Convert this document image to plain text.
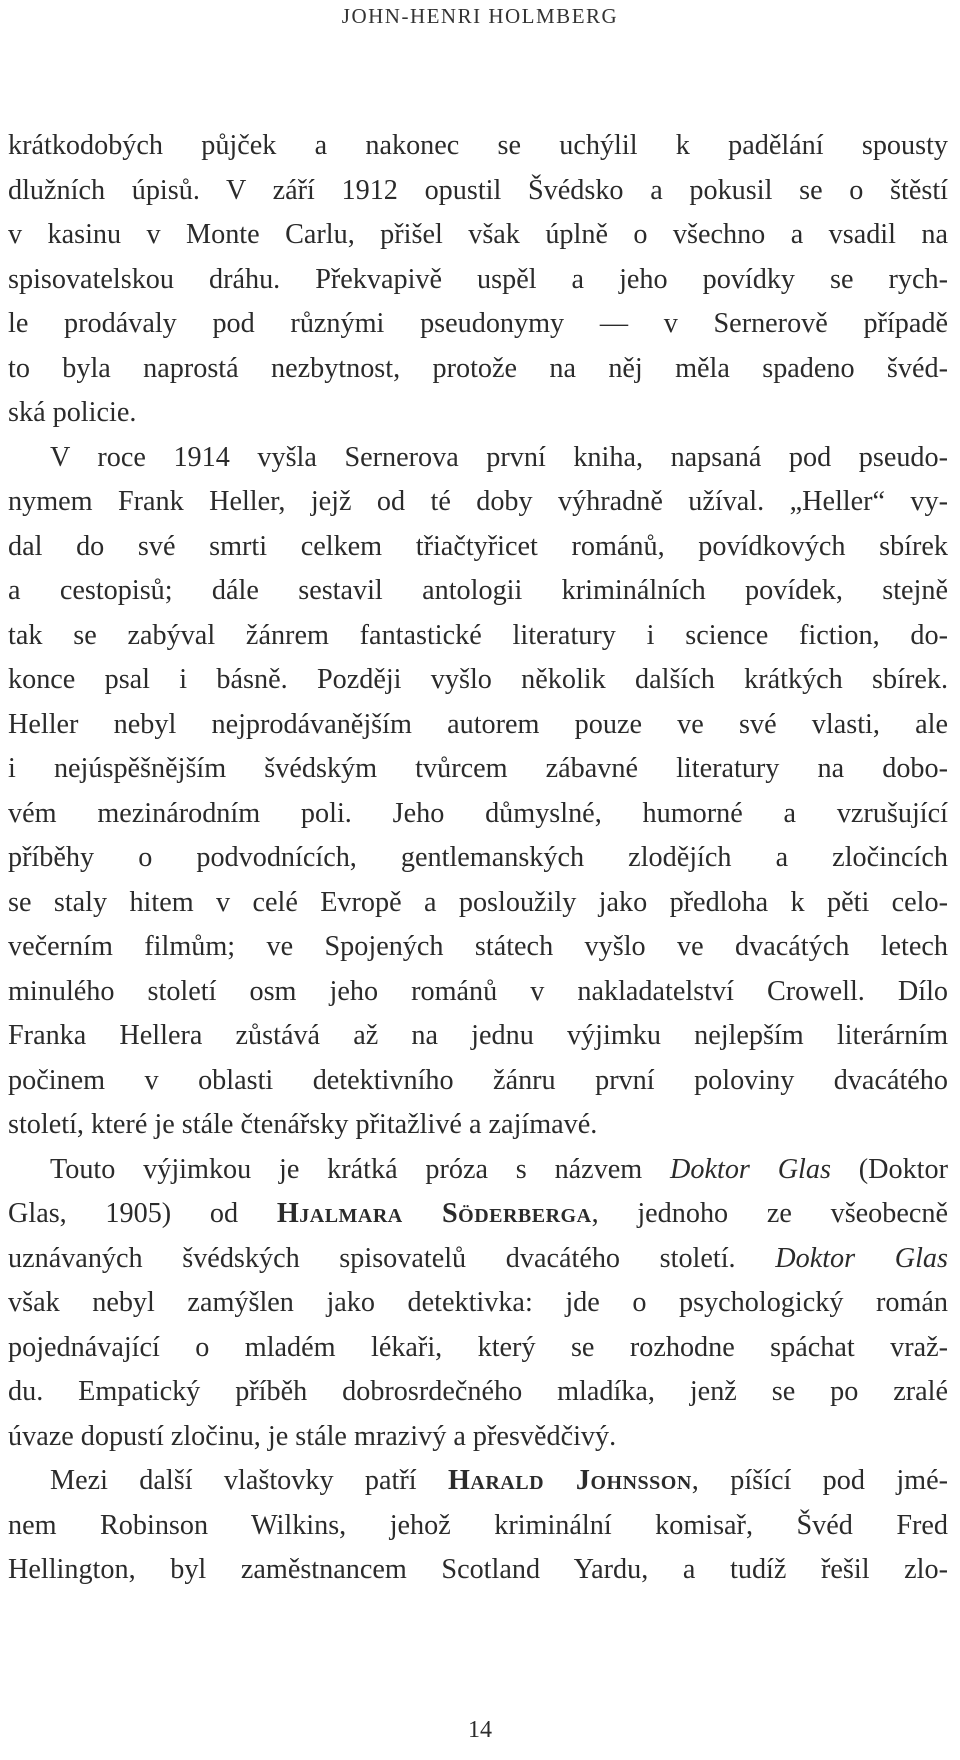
JOHN-HENRI HOLMBERG
krátkodobých půjček a nakonec se uchýlil k padělání spousty
dlužních úpisů. V září 1912 opustil Švédsko a pokusil se o štěstí
v kasinu v Monte Carlu, přišel však úplně o všechno a vsadil na
spisovatelskou dráhu. Překvapivě uspěl a jeho povídky se rych-
le prodávaly pod různými pseudonymy — v Sernerově případě
to byla naprostá nezbytnost, protože na něj měla spadeno švéd-
ská policie.
V roce 1914 vyšla Sernerova první kniha, napsaná pod pseudo-
nymem Frank Heller, jejž od té doby výhradně užíval. „Heller“ vy-
dal do své smrti celkem třiačtyřicet románů, povídkových sbírek
a cestopisů; dále sestavil antologii kriminálních povídek, stejně
tak se zabýval žánrem fantastické literatury i science fiction, do-
konce psal i básně. Později vyšlo několik dalších krátkých sbírek.
Heller nebyl nejprodávanějším autorem pouze ve své vlasti, ale
i nejúspěšnějším švédským tvůrcem zábavné literatury na dobo-
vém mezinárodním poli. Jeho důmyslné, humorné a vzrušující
příběhy o podvodnících, gentlemanských zlodějích a zločincích
se staly hitem v celé Evropě a posloužily jako předloha k pěti celo-
večerním filmům; ve Spojených státech vyšlo ve dvacátých letech
minulého století osm jeho románů v nakladatelství Crowell. Dílo
Franka Hellera zůstává až na jednu výjimku nejlepším literárním
počinem v oblasti detektivního žánru první poloviny dvacátého
století, které je stále čtenářsky přitažlivé a zajímavé.
Touto výjimkou je krátká próza s názvem Doktor Glas (Doktor
Glas, 1905) od Hjalmara Söderberga, jednoho ze všeobecně
uznávaných švédských spisovatelů dvacátého století. Doktor Glas
však nebyl zamýšlen jako detektivka: jde o psychologický román
pojednávající o mladém lékaři, který se rozhodne spáchat vraž-
du. Empatický příběh dobrosrdečného mladíka, jenž se po zralé
úvaze dopustí zločinu, je stále mrazivý a přesvědčivý.
Mezi další vlaštovky patří Harald Johnsson, píšící pod jmé-
nem Robinson Wilkins, jehož kriminální komisař, Švéd Fred
Hellington, byl zaměstnancem Scotland Yardu, a tudíž řešil zlo-
14
